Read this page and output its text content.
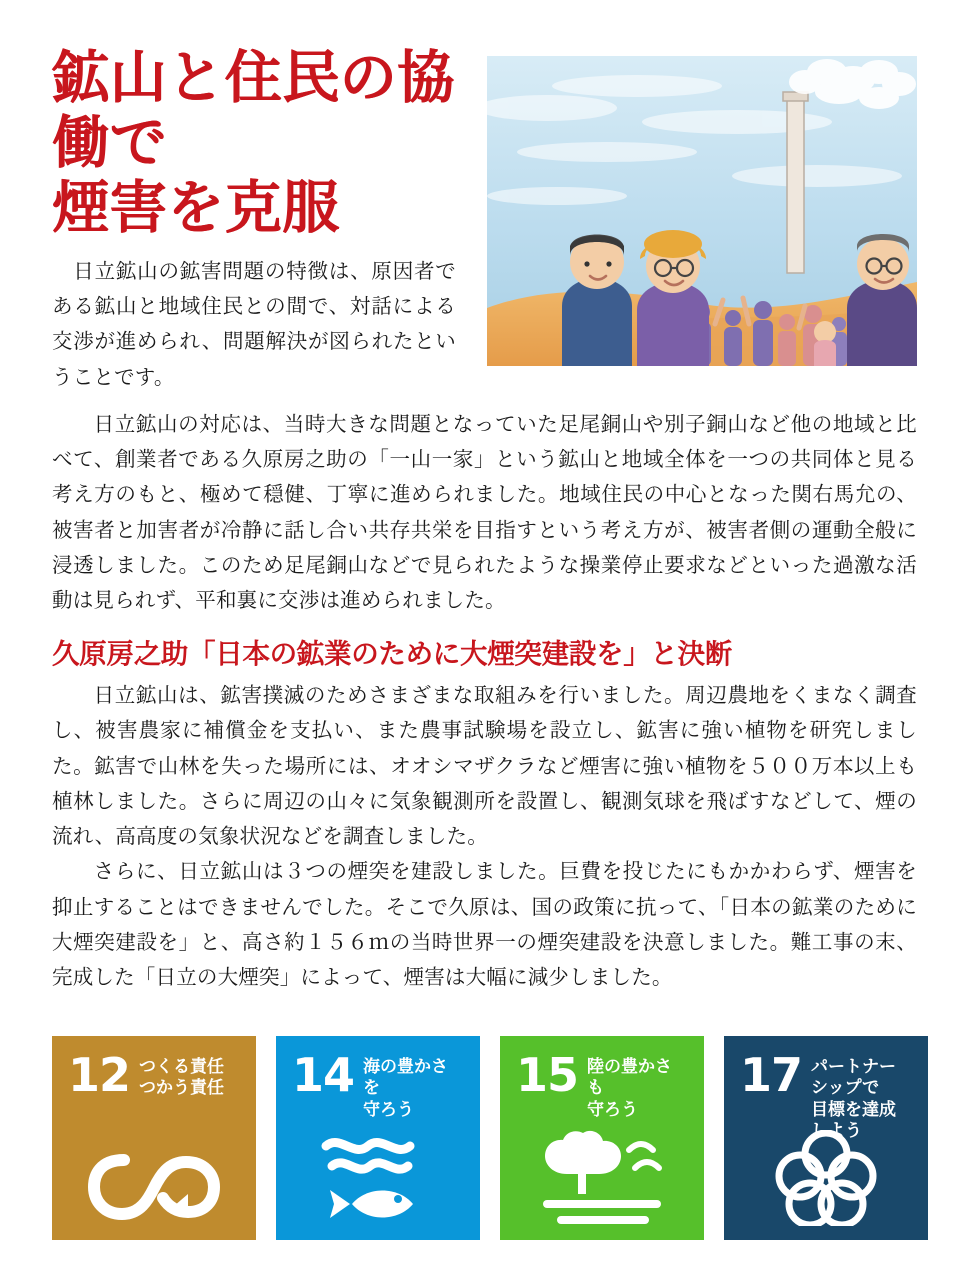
鉱山と住民の協働で
煙害を克服

　日立鉱山の鉱害問題の特徴は、原因者である鉱山と地域住民との間で、対話による交渉が進められ、問題解決が図られたということです。

　日立鉱山の対応は、当時大きな問題となっていた足尾銅山や別子銅山など他の地域と比べて、創業者である久原房之助の「一山一家」という鉱山と地域全体を一つの共同体と見る考え方のもと、極めて穏健、丁寧に進められました。地域住民の中心となった関右馬允の、被害者と加害者が冷静に話し合い共存共栄を目指すという考え方が、被害者側の運動全般に浸透しました。このため足尾銅山などで見られたような操業停止要求などといった過激な活動は見られず、平和裏に交渉は進められました。

久原房之助「日本の鉱業のために大煙突建設を」と決断

　日立鉱山は、鉱害撲滅のためさまざまな取組みを行いました。周辺農地をくまなく調査し、被害農家に補償金を支払い、また農事試験場を設立し、鉱害に強い植物を研究しました。鉱害で山林を失った場所には、オオシマザクラなど煙害に強い植物を５００万本以上も植林しました。さらに周辺の山々に気象観測所を設置し、観測気球を飛ばすなどして、煙の流れ、高高度の気象状況などを調査しました。

　さらに、日立鉱山は３つの煙突を建設しました。巨費を投じたにもかかわらず、煙害を抑止することはできませんでした。そこで久原は、国の政策に抗って、「日本の鉱業のために大煙突建設を」と、高さ約１５６ｍの当時世界一の煙突建設を決意しました。難工事の末、完成した「日立の大煙突」によって、煙害は大幅に減少しました。

12 つくる責任
つかう責任	14 海の豊かさを
守ろう
15 陸の豊かさも
守ろう
17 パートナーシップで
目標を達成しよう
